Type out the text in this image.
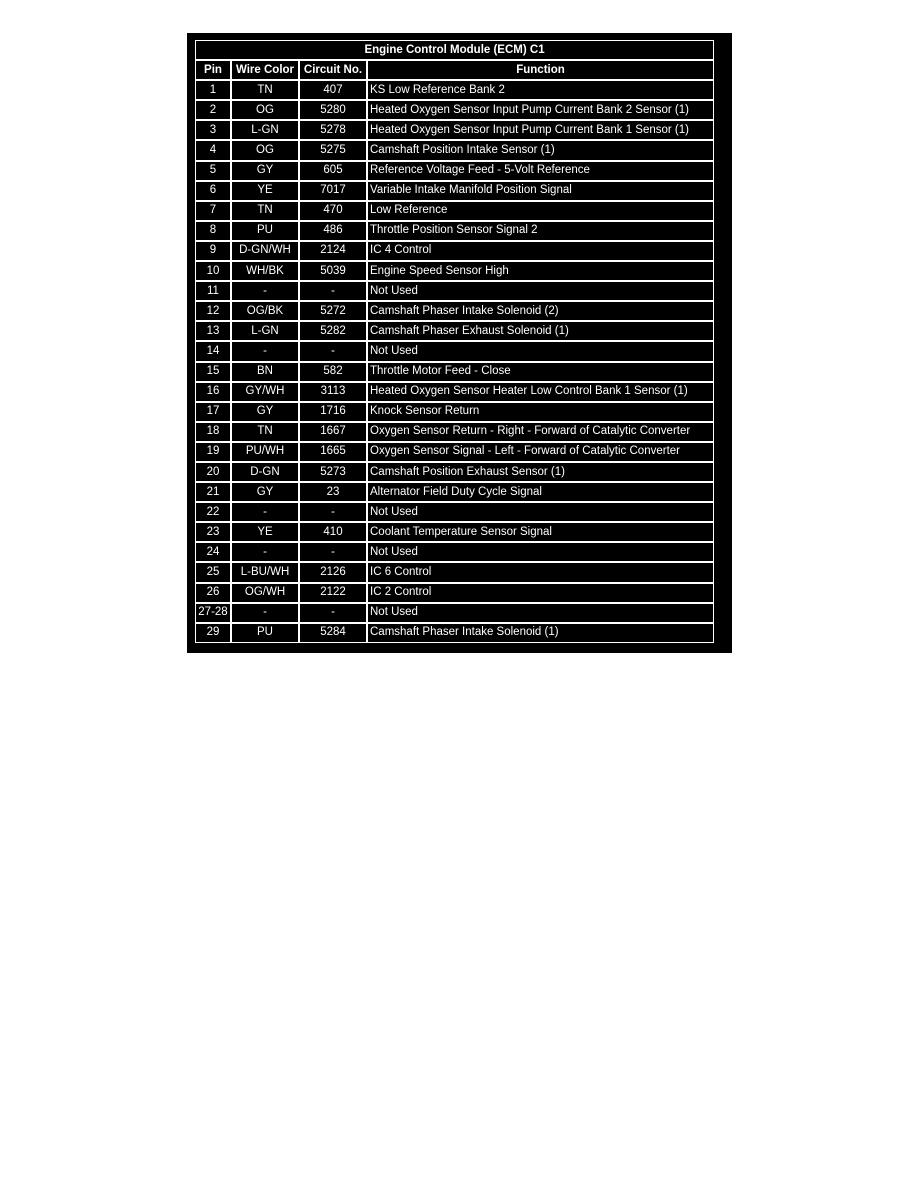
Engine Control Module (ECM) C1			
Pin	Wire Color	Circuit No.	Function
1	TN	407	KS Low Reference Bank 2
2	OG	5280	Heated Oxygen Sensor Input Pump Current Bank 2 Sensor (1)
3	L-GN	5278	Heated Oxygen Sensor Input Pump Current Bank 1 Sensor (1)
4	OG	5275	Camshaft Position Intake Sensor (1)
5	GY	605	Reference Voltage Feed - 5-Volt Reference
6	YE	7017	Variable Intake Manifold Position Signal
7	TN	470	Low Reference
8	PU	486	Throttle Position Sensor Signal 2
9	D-GN/WH	2124	IC 4 Control
10	WH/BK	5039	Engine Speed Sensor High
11	-	-	Not Used
12	OG/BK	5272	Camshaft Phaser Intake Solenoid (2)
13	L-GN	5282	Camshaft Phaser Exhaust Solenoid (1)
14	-	-	Not Used
15	BN	582	Throttle Motor Feed - Close
16	GY/WH	3113	Heated Oxygen Sensor Heater Low Control Bank 1 Sensor (1)
17	GY	1716	Knock Sensor Return
18	TN	1667	Oxygen Sensor Return - Right - Forward of Catalytic Converter
19	PU/WH	1665	Oxygen Sensor Signal - Left - Forward of Catalytic Converter
20	D-GN	5273	Camshaft Position Exhaust Sensor (1)
21	GY	23	Alternator Field Duty Cycle Signal
22	-	-	Not Used
23	YE	410	Coolant Temperature Sensor Signal
24	-	-	Not Used
25	L-BU/WH	2126	IC 6 Control
26	OG/WH	2122	IC 2 Control
27-28	-	-	Not Used
29	PU	5284	Camshaft Phaser Intake Solenoid (1)
